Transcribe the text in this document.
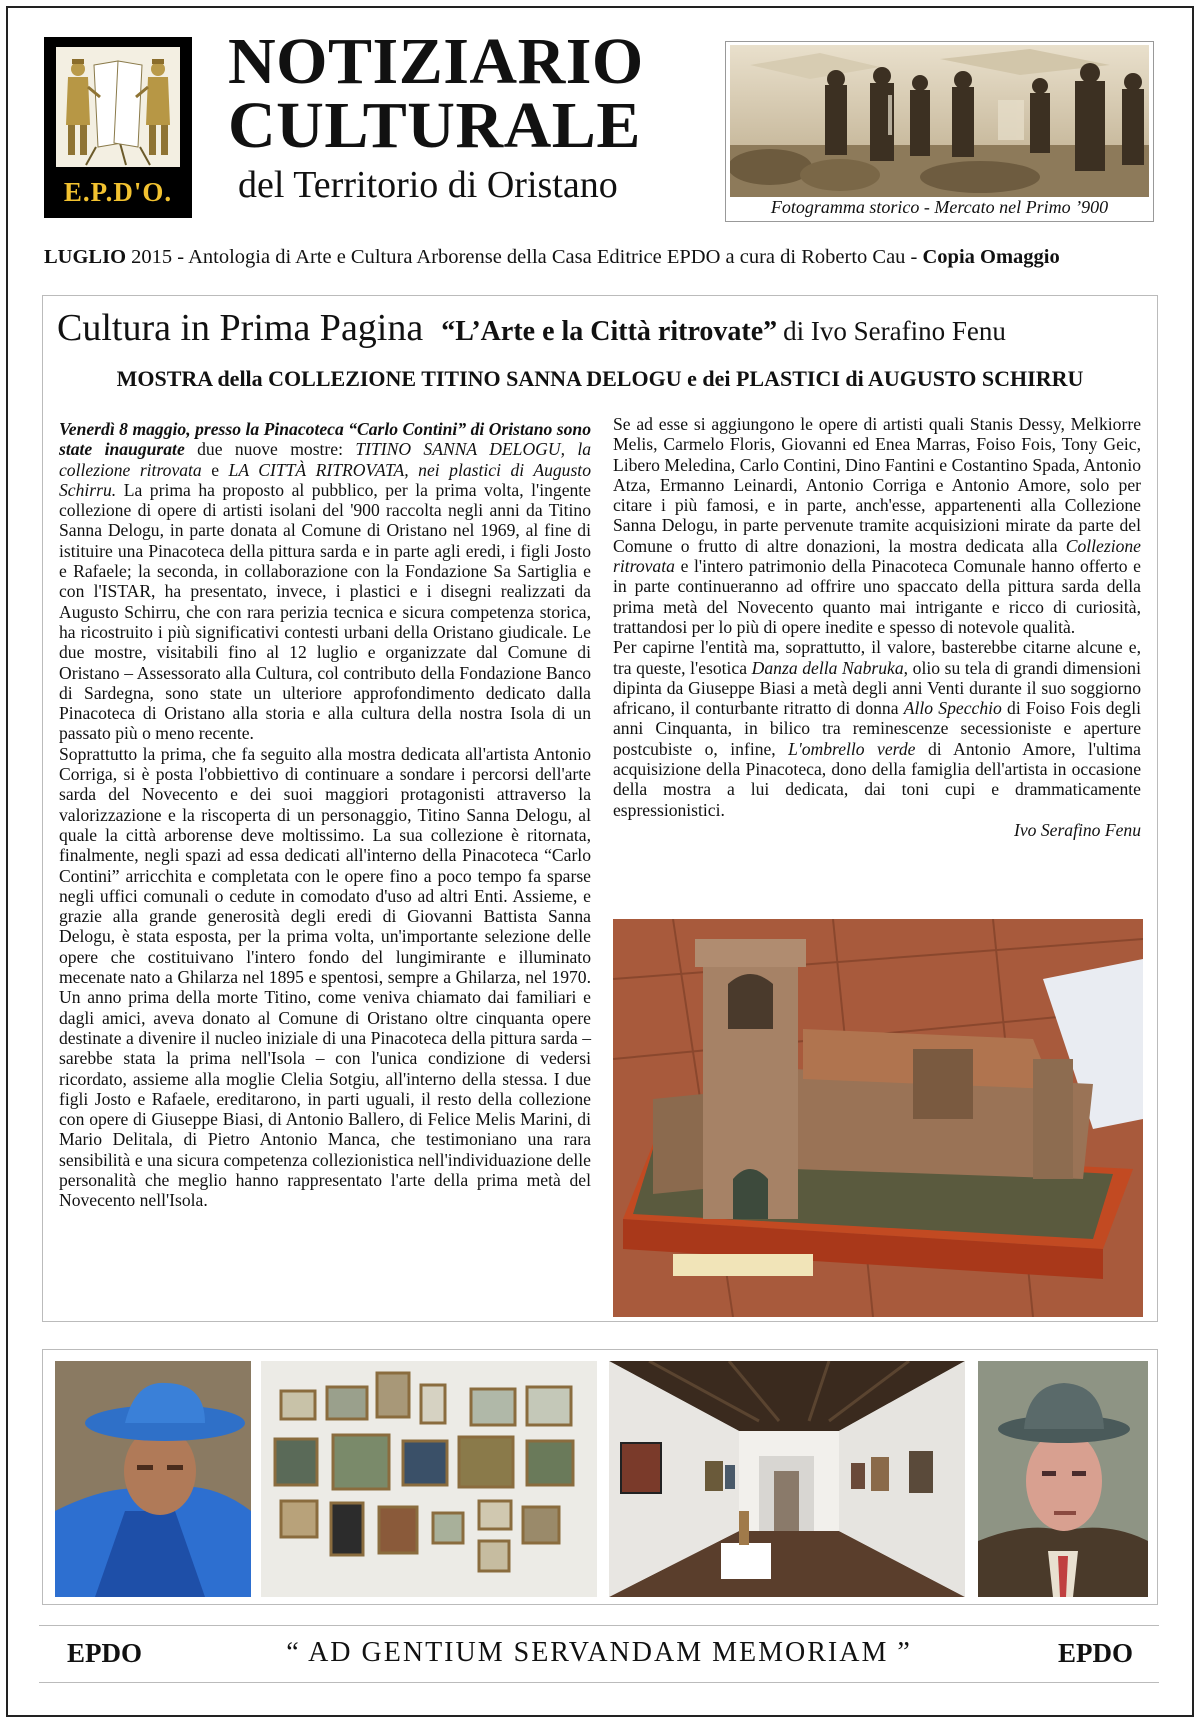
E.P.D'O.
NOTIZIARIO
CULTURALE
del Territorio di Oristano
Fotogramma storico - Mercato nel Primo ’900
LUGLIO 2015 - Antologia di Arte e Cultura Arborense della Casa Editrice EPDO a cura di Roberto Cau - Copia Omaggio
Cultura in Prima Pagina “L’Arte e la Città ritrovate” di Ivo Serafino Fenu
MOSTRA della COLLEZIONE TITINO SANNA DELOGU e dei PLASTICI di AUGUSTO SCHIRRU

Venerdì 8 maggio, presso la Pinacoteca “Carlo Contini” di Oristano sono state inaugurate due nuove mostre: TITINO SANNA DELOGU, la collezione ritrovata e LA CITTÀ RITROVATA, nei plastici di Augusto Schirru. La prima ha proposto al pubblico, per la prima volta, l'ingente collezione di opere di artisti isolani del '900 raccolta negli anni da Titino Sanna Delogu, in parte donata al Comune di Oristano nel 1969, al fine di istituire una Pinacoteca della pittura sarda e in parte agli eredi, i figli Josto e Rafaele; la seconda, in collaborazione con la Fondazione Sa Sartiglia e con l'ISTAR, ha presentato, invece, i plastici e i disegni realizzati da Augusto Schirru, che con rara perizia tecnica e sicura competenza storica, ha ricostruito i più significativi contesti urbani della Oristano giudicale. Le due mostre, visitabili fino al 12 luglio e organizzate dal Comune di Oristano – Assessorato alla Cultura, col contributo della Fondazione Banco di Sardegna, sono state un ulteriore approfondimento dedicato dalla Pinacoteca di Oristano alla storia e alla cultura della nostra Isola di un passato più o meno recente.

Soprattutto la prima, che fa seguito alla mostra dedicata all'artista Antonio Corriga, si è posta l'obbiettivo di continuare a sondare i percorsi dell'arte sarda del Novecento e dei suoi maggiori protagonisti attraverso la valorizzazione e la riscoperta di un personaggio, Titino Sanna Delogu, al quale la città arborense deve moltissimo. La sua collezione è ritornata, finalmente, negli spazi ad essa dedicati all'interno della Pinacoteca “Carlo Contini” arricchita e completata con le opere fino a poco tempo fa sparse negli uffici comunali o cedute in comodato d'uso ad altri Enti. Assieme, e grazie alla grande generosità degli eredi di Giovanni Battista Sanna Delogu, è stata esposta, per la prima volta, un'importante selezione delle opere che costituivano l'intero fondo del lungimirante e illuminato mecenate nato a Ghilarza nel 1895 e spentosi, sempre a Ghilarza, nel 1970. Un anno prima della morte Titino, come veniva chiamato dai familiari e dagli amici, aveva donato al Comune di Oristano oltre cinquanta opere destinate a divenire il nucleo iniziale di una Pinacoteca della pittura sarda – sarebbe stata la prima nell'Isola – con l'unica condizione di vedersi ricordato, assieme alla moglie Clelia Sotgiu, all'interno della stessa. I due figli Josto e Rafaele, ereditarono, in parti uguali, il resto della collezione con opere di Giuseppe Biasi, di Antonio Ballero, di Felice Melis Marini, di Mario Delitala, di Pietro Antonio Manca, che testimoniano una rara sensibilità e una sicura competenza collezionistica nell'individuazione delle personalità che meglio hanno rappresentato l'arte della prima metà del Novecento nell'Isola.

Se ad esse si aggiungono le opere di artisti quali Stanis Dessy, Melkiorre Melis, Carmelo Floris, Giovanni ed Enea Marras, Foiso Fois, Tony Geic, Libero Meledina, Carlo Contini, Dino Fantini e Costantino Spada, Antonio Atza, Ermanno Leinardi, Antonio Corriga e Antonio Amore, solo per citare i più famosi, e in parte, anch'esse, appartenenti alla Collezione Sanna Delogu, in parte pervenute tramite acquisizioni mirate da parte del Comune o frutto di altre donazioni, la mostra dedicata alla Collezione ritrovata e l'intero patrimonio della Pinacoteca Comunale hanno offerto e in parte continueranno ad offrire uno spaccato della pittura sarda della prima metà del Novecento quanto mai intrigante e ricco di curiosità, trattandosi per lo più di opere inedite e spesso di notevole qualità.

Per capirne l'entità ma, soprattutto, il valore, basterebbe citarne alcune e, tra queste, l'esotica Danza della Nabruka, olio su tela di grandi dimensioni dipinta da Giuseppe Biasi a metà degli anni Venti durante il suo soggiorno africano, il conturbante ritratto di donna Allo Specchio di Foiso Fois degli anni Cinquanta, in bilico tra reminescenze secessioniste e aperture postcubiste o, infine, L'ombrello verde di Antonio Amore, l'ultima acquisizione della Pinacoteca, dono della famiglia dell'artista in occasione della mostra a lui dedicata, dai toni cupi e drammaticamente espressionistici.

Ivo Serafino Fenu

EPDO	“ AD GENTIUM SERVANDAM MEMORIAM ”	EPDO
